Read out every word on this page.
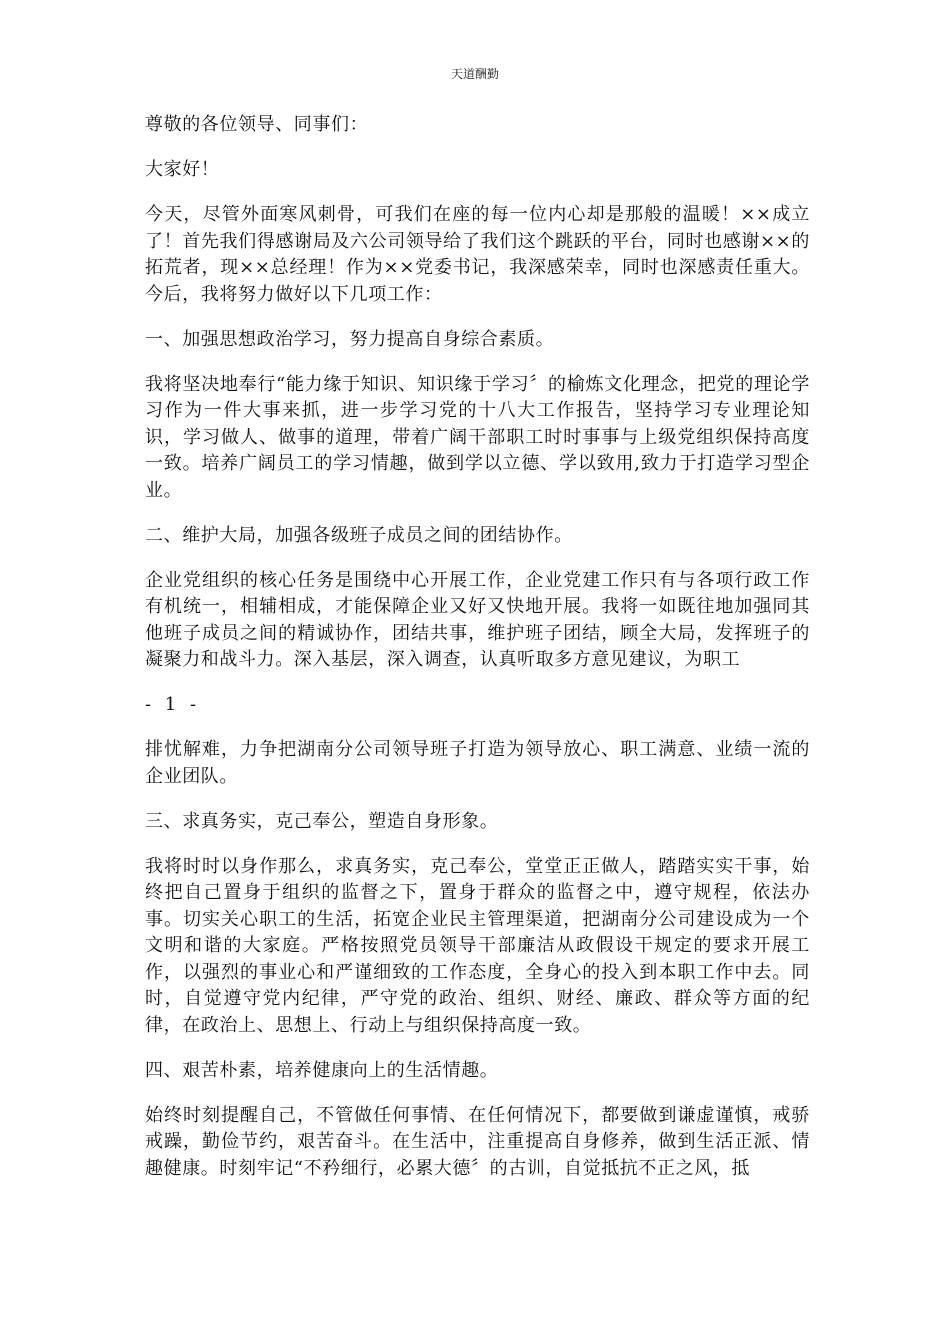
天道酬勤

尊敬的各位领导、同事们：

大家好！

今天，尽管外面寒风刺骨，可我们在座的每一位内心却是那般的温暖！××成立了！首先我们得感谢局及六公司领导给了我们这个跳跃的平台，同时也感谢××的拓荒者，现××总经理！作为××党委书记，我深感荣幸，同时也深感责任重大。今后，我将努力做好以下几项工作：

一、加强思想政治学习，努力提高自身综合素质。

我将坚决地奉行“能力缘于知识、知识缘于学习〞的榆炼文化理念，把党的理论学习作为一件大事来抓，进一步学习党的十八大工作报告，坚持学习专业理论知识，学习做人、做事的道理，带着广阔干部职工时时事事与上级党组织保持高度一致。培养广阔员工的学习情趣，做到学以立德、学以致用,致力于打造学习型企业。

二、维护大局，加强各级班子成员之间的团结协作。

企业党组织的核心任务是围绕中心开展工作，企业党建工作只有与各项行政工作有机统一，相辅相成，才能保障企业又好又快地开展。我将一如既往地加强同其他班子成员之间的精诚协作，团结共事，维护班子团结，顾全大局，发挥班子的凝聚力和战斗力。深入基层，深入调查，认真听取多方意见建议，为职工

- 1 -

排忧解难，力争把湖南分公司领导班子打造为领导放心、职工满意、业绩一流的企业团队。

三、求真务实，克己奉公，塑造自身形象。

我将时时以身作那么，求真务实，克己奉公，堂堂正正做人，踏踏实实干事，始终把自己置身于组织的监督之下，置身于群众的监督之中，遵守规程，依法办事。切实关心职工的生活，拓宽企业民主管理渠道，把湖南分公司建设成为一个文明和谐的大家庭。严格按照党员领导干部廉洁从政假设干规定的要求开展工作，以强烈的事业心和严谨细致的工作态度，全身心的投入到本职工作中去。同时，自觉遵守党内纪律，严守党的政治、组织、财经、廉政、群众等方面的纪律，在政治上、思想上、行动上与组织保持高度一致。

四、艰苦朴素，培养健康向上的生活情趣。

始终时刻提醒自己，不管做任何事情、在任何情况下，都要做到谦虚谨慎，戒骄戒躁，勤俭节约，艰苦奋斗。在生活中，注重提高自身修养，做到生活正派、情趣健康。时刻牢记“不矜细行，必累大德〞的古训，自觉抵抗不正之风，抵
